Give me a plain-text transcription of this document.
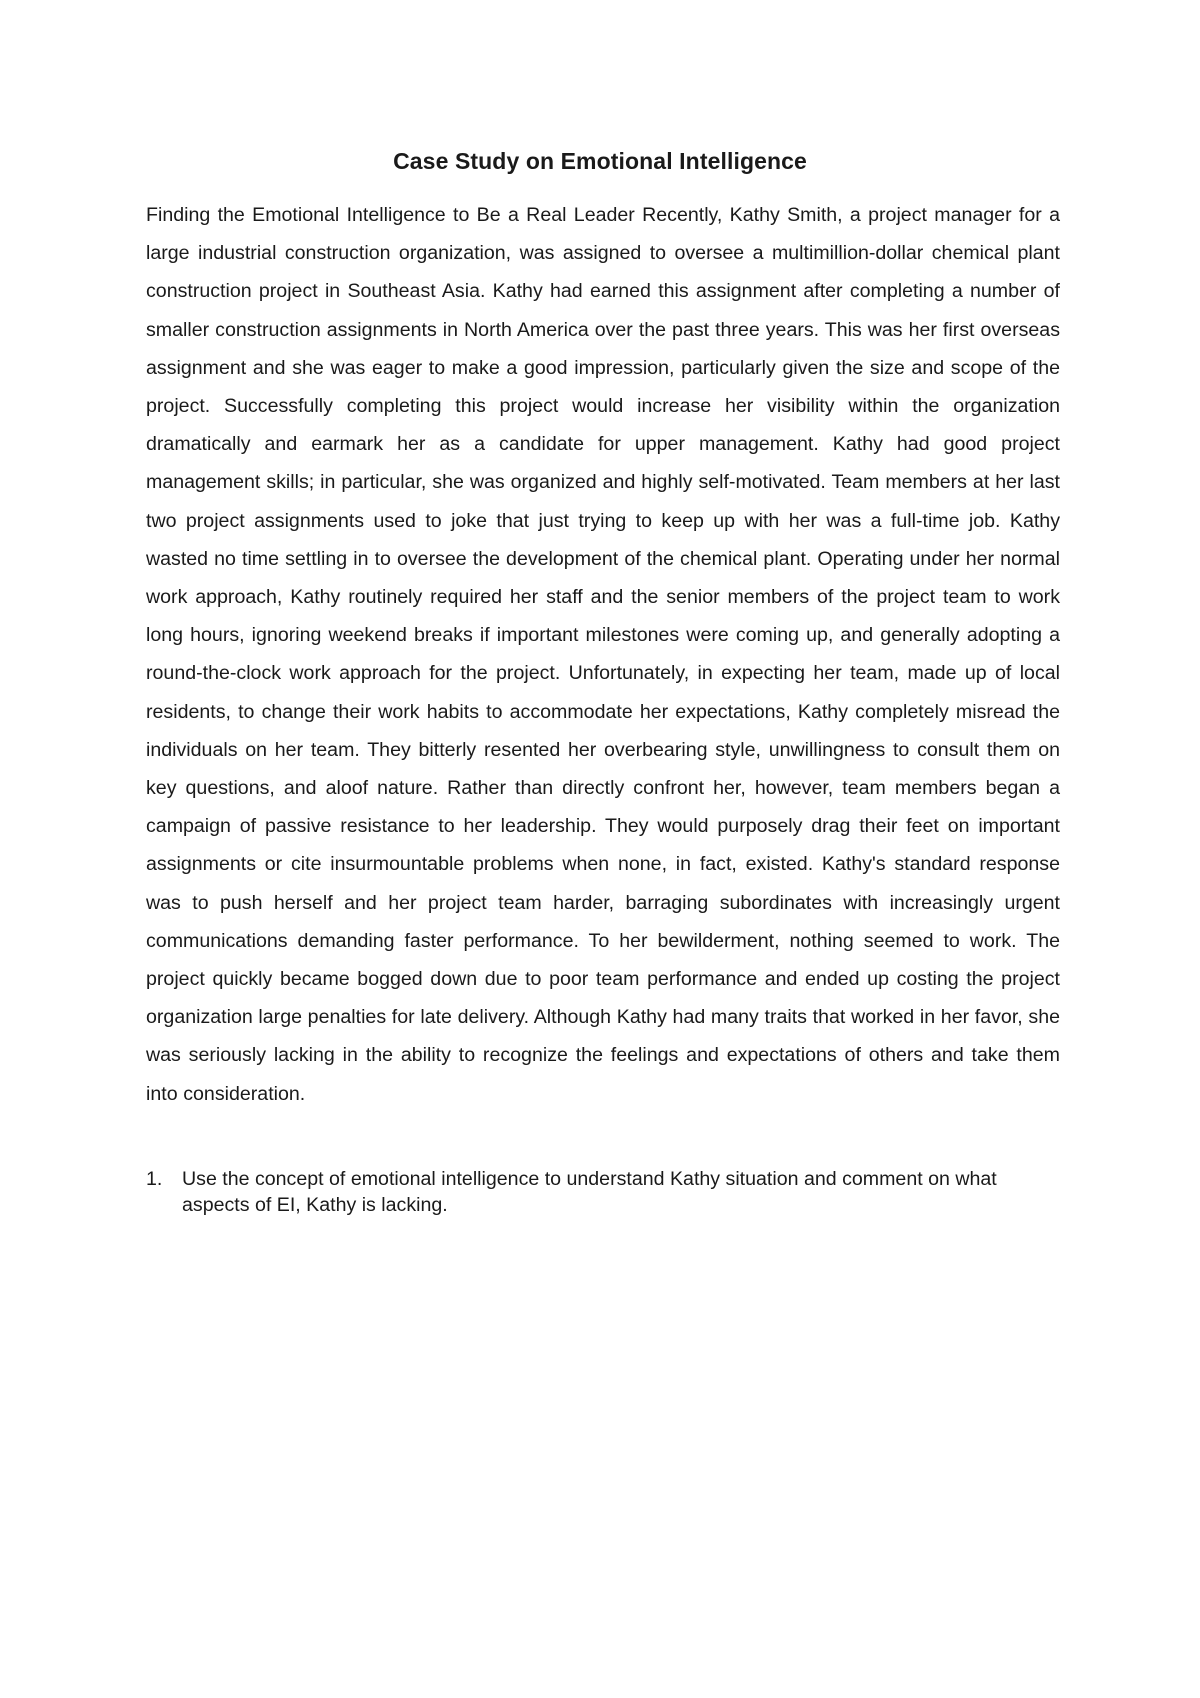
Case Study on Emotional Intelligence

Finding the Emotional Intelligence to Be a Real Leader Recently, Kathy Smith, a project manager for a large industrial construction organization, was assigned to oversee a multimillion-dollar chemical plant construction project in Southeast Asia. Kathy had earned this assignment after completing a number of smaller construction assignments in North America over the past three years. This was her first overseas assignment and she was eager to make a good impression, particularly given the size and scope of the project. Successfully completing this project would increase her visibility within the organization dramatically and earmark her as a candidate for upper management. Kathy had good project management skills; in particular, she was organized and highly self-motivated. Team members at her last two project assignments used to joke that just trying to keep up with her was a full-time job. Kathy wasted no time settling in to oversee the development of the chemical plant. Operating under her normal work approach, Kathy routinely required her staff and the senior members of the project team to work long hours, ignoring weekend breaks if important milestones were coming up, and generally adopting a round-the-clock work approach for the project. Unfortunately, in expecting her team, made up of local residents, to change their work habits to accommodate her expectations, Kathy completely misread the individuals on her team. They bitterly resented her overbearing style, unwillingness to consult them on key questions, and aloof nature. Rather than directly confront her, however, team members began a campaign of passive resistance to her leadership. They would purposely drag their feet on important assignments or cite insurmountable problems when none, in fact, existed. Kathy's standard response was to push herself and her project team harder, barraging subordinates with increasingly urgent communications demanding faster performance. To her bewilderment, nothing seemed to work. The project quickly became bogged down due to poor team performance and ended up costing the project organization large penalties for late delivery. Although Kathy had many traits that worked in her favor, she was seriously lacking in the ability to recognize the feelings and expectations of others and take them into consideration.

1. Use the concept of emotional intelligence to understand Kathy situation and comment on what aspects of EI, Kathy is lacking.
